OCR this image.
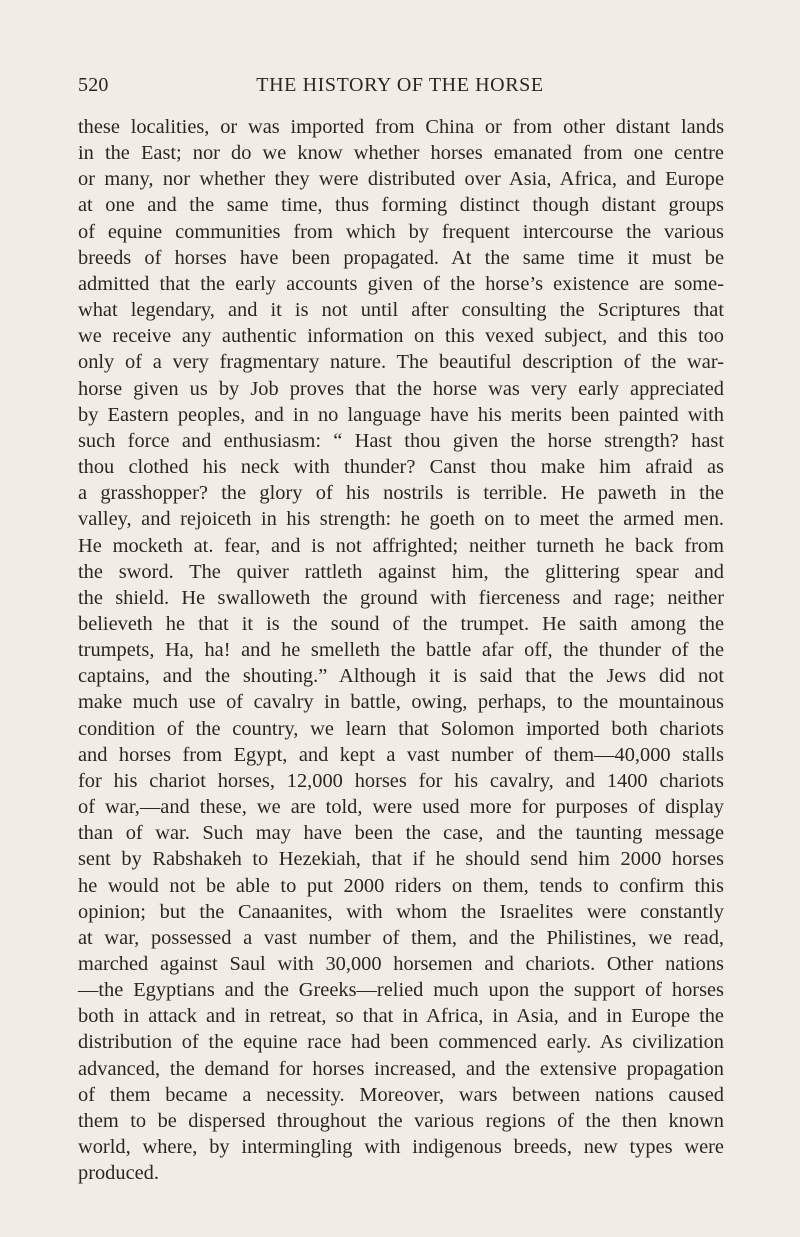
520	THE HISTORY OF THE HORSE
these localities, or was imported from China or from other distant lands
in the East; nor do we know whether horses emanated from one centre
or many, nor whether they were distributed over Asia, Africa, and Europe
at one and the same time, thus forming distinct though distant groups
of equine communities from which by frequent intercourse the various
breeds of horses have been propagated. At the same time it must be
admitted that the early accounts given of the horse’s existence are some-
what legendary, and it is not until after consulting the Scriptures that
we receive any authentic information on this vexed subject, and this too
only of a very fragmentary nature. The beautiful description of the war-
horse given us by Job proves that the horse was very early appreciated
by Eastern peoples, and in no language have his merits been painted with
such force and enthusiasm: “ Hast thou given the horse strength? hast
thou clothed his neck with thunder? Canst thou make him afraid as
a grasshopper? the glory of his nostrils is terrible. He paweth in the
valley, and rejoiceth in his strength: he goeth on to meet the armed men.
He mocketh at. fear, and is not affrighted; neither turneth he back from
the sword. The quiver rattleth against him, the glittering spear and
the shield. He swalloweth the ground with fierceness and rage; neither
believeth he that it is the sound of the trumpet. He saith among the
trumpets, Ha, ha! and he smelleth the battle afar off, the thunder of the
captains, and the shouting.” Although it is said that the Jews did not
make much use of cavalry in battle, owing, perhaps, to the mountainous
condition of the country, we learn that Solomon imported both chariots
and horses from Egypt, and kept a vast number of them—40,000 stalls
for his chariot horses, 12,000 horses for his cavalry, and 1400 chariots
of war,—and these, we are told, were used more for purposes of display
than of war. Such may have been the case, and the taunting message
sent by Rabshakeh to Hezekiah, that if he should send him 2000 horses
he would not be able to put 2000 riders on them, tends to confirm this
opinion; but the Canaanites, with whom the Israelites were constantly
at war, possessed a vast number of them, and the Philistines, we read,
marched against Saul with 30,000 horsemen and chariots. Other nations
—the Egyptians and the Greeks—relied much upon the support of horses
both in attack and in retreat, so that in Africa, in Asia, and in Europe the
distribution of the equine race had been commenced early. As civilization
advanced, the demand for horses increased, and the extensive propagation
of them became a necessity. Moreover, wars between nations caused
them to be dispersed throughout the various regions of the then known
world, where, by intermingling with indigenous breeds, new types were
produced.
